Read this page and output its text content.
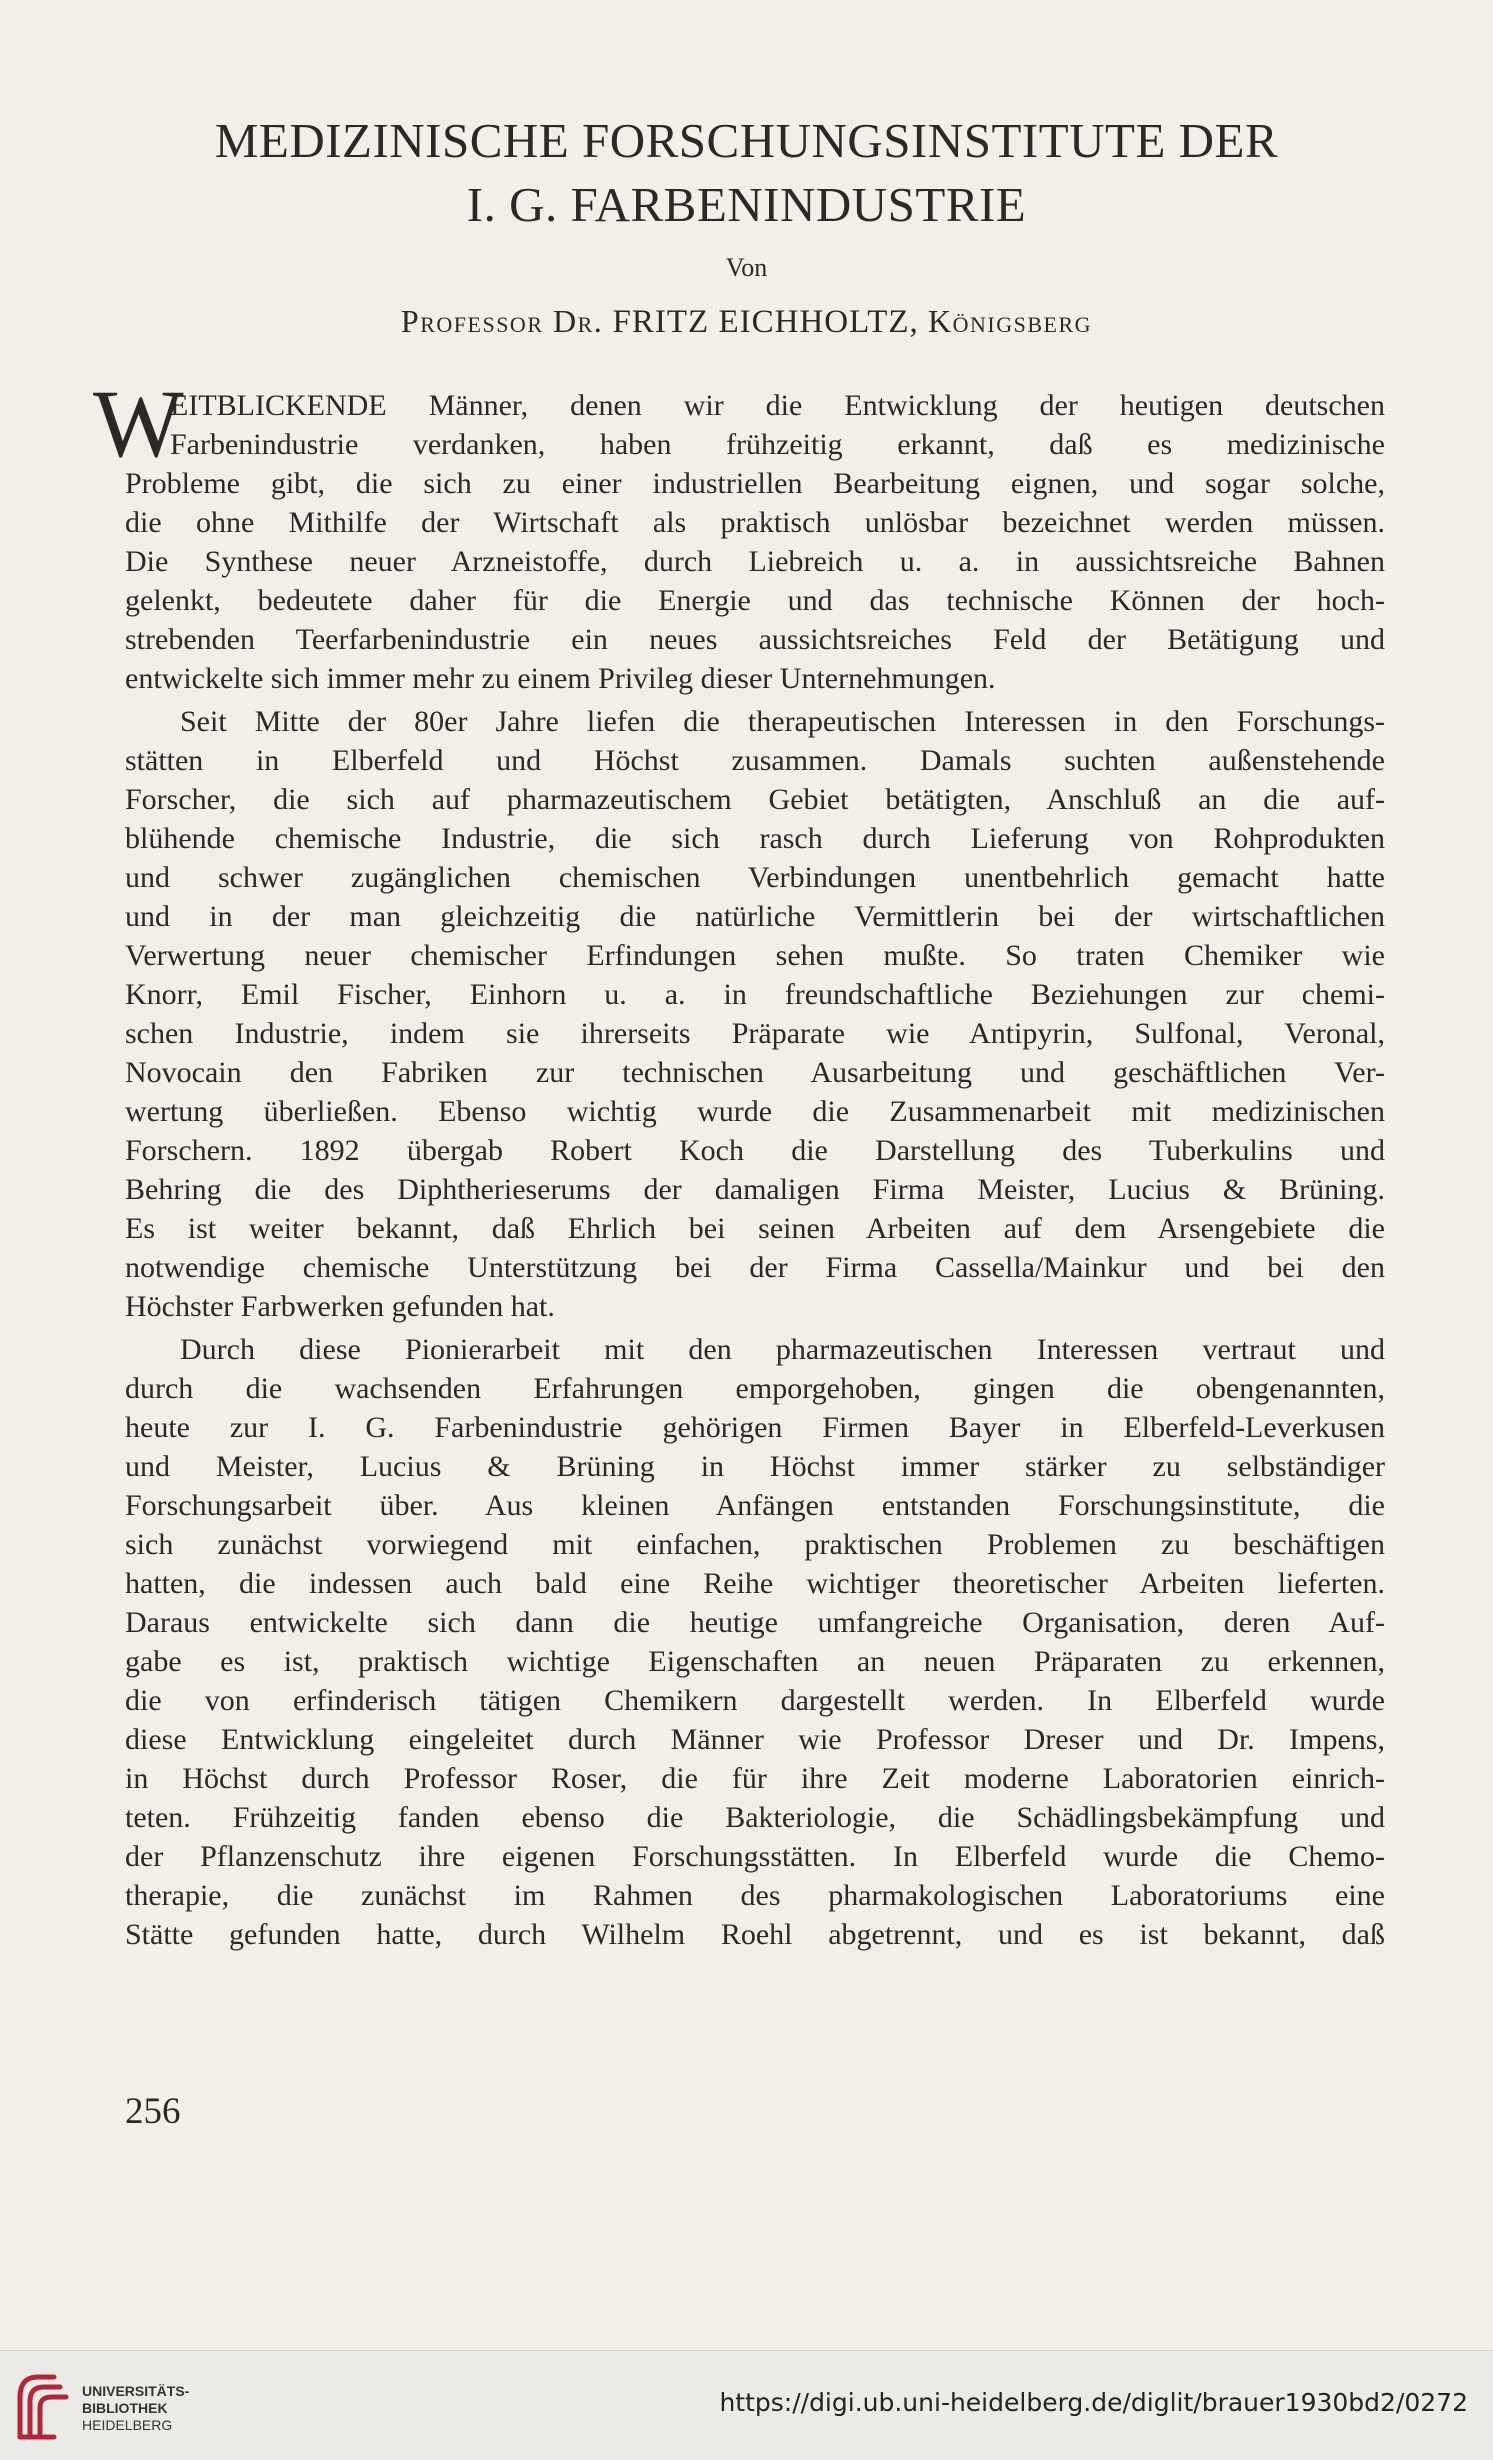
MEDIZINISCHE FORSCHUNGSINSTITUTE DER
I. G. FARBENINDUSTRIE
Von
Professor Dr. FRITZ EICHHOLTZ, Königsberg
W
EITBLICKENDE Männer, denen wir die Entwicklung der heutigen deutschen
Farbenindustrie verdanken, haben frühzeitig erkannt, daß es medizinische
Probleme gibt, die sich zu einer industriellen Bearbeitung eignen, und sogar solche,
die ohne Mithilfe der Wirtschaft als praktisch unlösbar bezeichnet werden müssen.
Die Synthese neuer Arzneistoffe, durch Liebreich u. a. in aussichtsreiche Bahnen
gelenkt, bedeutete daher für die Energie und das technische Können der hoch-
strebenden Teerfarbenindustrie ein neues aussichtsreiches Feld der Betätigung und
entwickelte sich immer mehr zu einem Privileg dieser Unternehmungen.
Seit Mitte der 80er Jahre liefen die therapeutischen Interessen in den Forschungs-
stätten in Elberfeld und Höchst zusammen. Damals suchten außenstehende
Forscher, die sich auf pharmazeutischem Gebiet betätigten, Anschluß an die auf-
blühende chemische Industrie, die sich rasch durch Lieferung von Rohprodukten
und schwer zugänglichen chemischen Verbindungen unentbehrlich gemacht hatte
und in der man gleichzeitig die natürliche Vermittlerin bei der wirtschaftlichen
Verwertung neuer chemischer Erfindungen sehen mußte. So traten Chemiker wie
Knorr, Emil Fischer, Einhorn u. a. in freundschaftliche Beziehungen zur chemi-
schen Industrie, indem sie ihrerseits Präparate wie Antipyrin, Sulfonal, Veronal,
Novocain den Fabriken zur technischen Ausarbeitung und geschäftlichen Ver-
wertung überließen. Ebenso wichtig wurde die Zusammenarbeit mit medizinischen
Forschern. 1892 übergab Robert Koch die Darstellung des Tuberkulins und
Behring die des Diphtherieserums der damaligen Firma Meister, Lucius & Brüning.
Es ist weiter bekannt, daß Ehrlich bei seinen Arbeiten auf dem Arsengebiete die
notwendige chemische Unterstützung bei der Firma Cassella/Mainkur und bei den
Höchster Farbwerken gefunden hat.
Durch diese Pionierarbeit mit den pharmazeutischen Interessen vertraut und
durch die wachsenden Erfahrungen emporgehoben, gingen die obengenannten,
heute zur I. G. Farbenindustrie gehörigen Firmen Bayer in Elberfeld-Leverkusen
und Meister, Lucius & Brüning in Höchst immer stärker zu selbständiger
Forschungsarbeit über. Aus kleinen Anfängen entstanden Forschungsinstitute, die
sich zunächst vorwiegend mit einfachen, praktischen Problemen zu beschäftigen
hatten, die indessen auch bald eine Reihe wichtiger theoretischer Arbeiten lieferten.
Daraus entwickelte sich dann die heutige umfangreiche Organisation, deren Auf-
gabe es ist, praktisch wichtige Eigenschaften an neuen Präparaten zu erkennen,
die von erfinderisch tätigen Chemikern dargestellt werden. In Elberfeld wurde
diese Entwicklung eingeleitet durch Männer wie Professor Dreser und Dr. Impens,
in Höchst durch Professor Roser, die für ihre Zeit moderne Laboratorien einrich-
teten. Frühzeitig fanden ebenso die Bakteriologie, die Schädlingsbekämpfung und
der Pflanzenschutz ihre eigenen Forschungsstätten. In Elberfeld wurde die Chemo-
therapie, die zunächst im Rahmen des pharmakologischen Laboratoriums eine
Stätte gefunden hatte, durch Wilhelm Roehl abgetrennt, und es ist bekannt, daß
256
UNIVERSITÄTS-
BIBLIOTHEK
HEIDELBERG
https://digi.ub.uni-heidelberg.de/diglit/brauer1930bd2/0272
